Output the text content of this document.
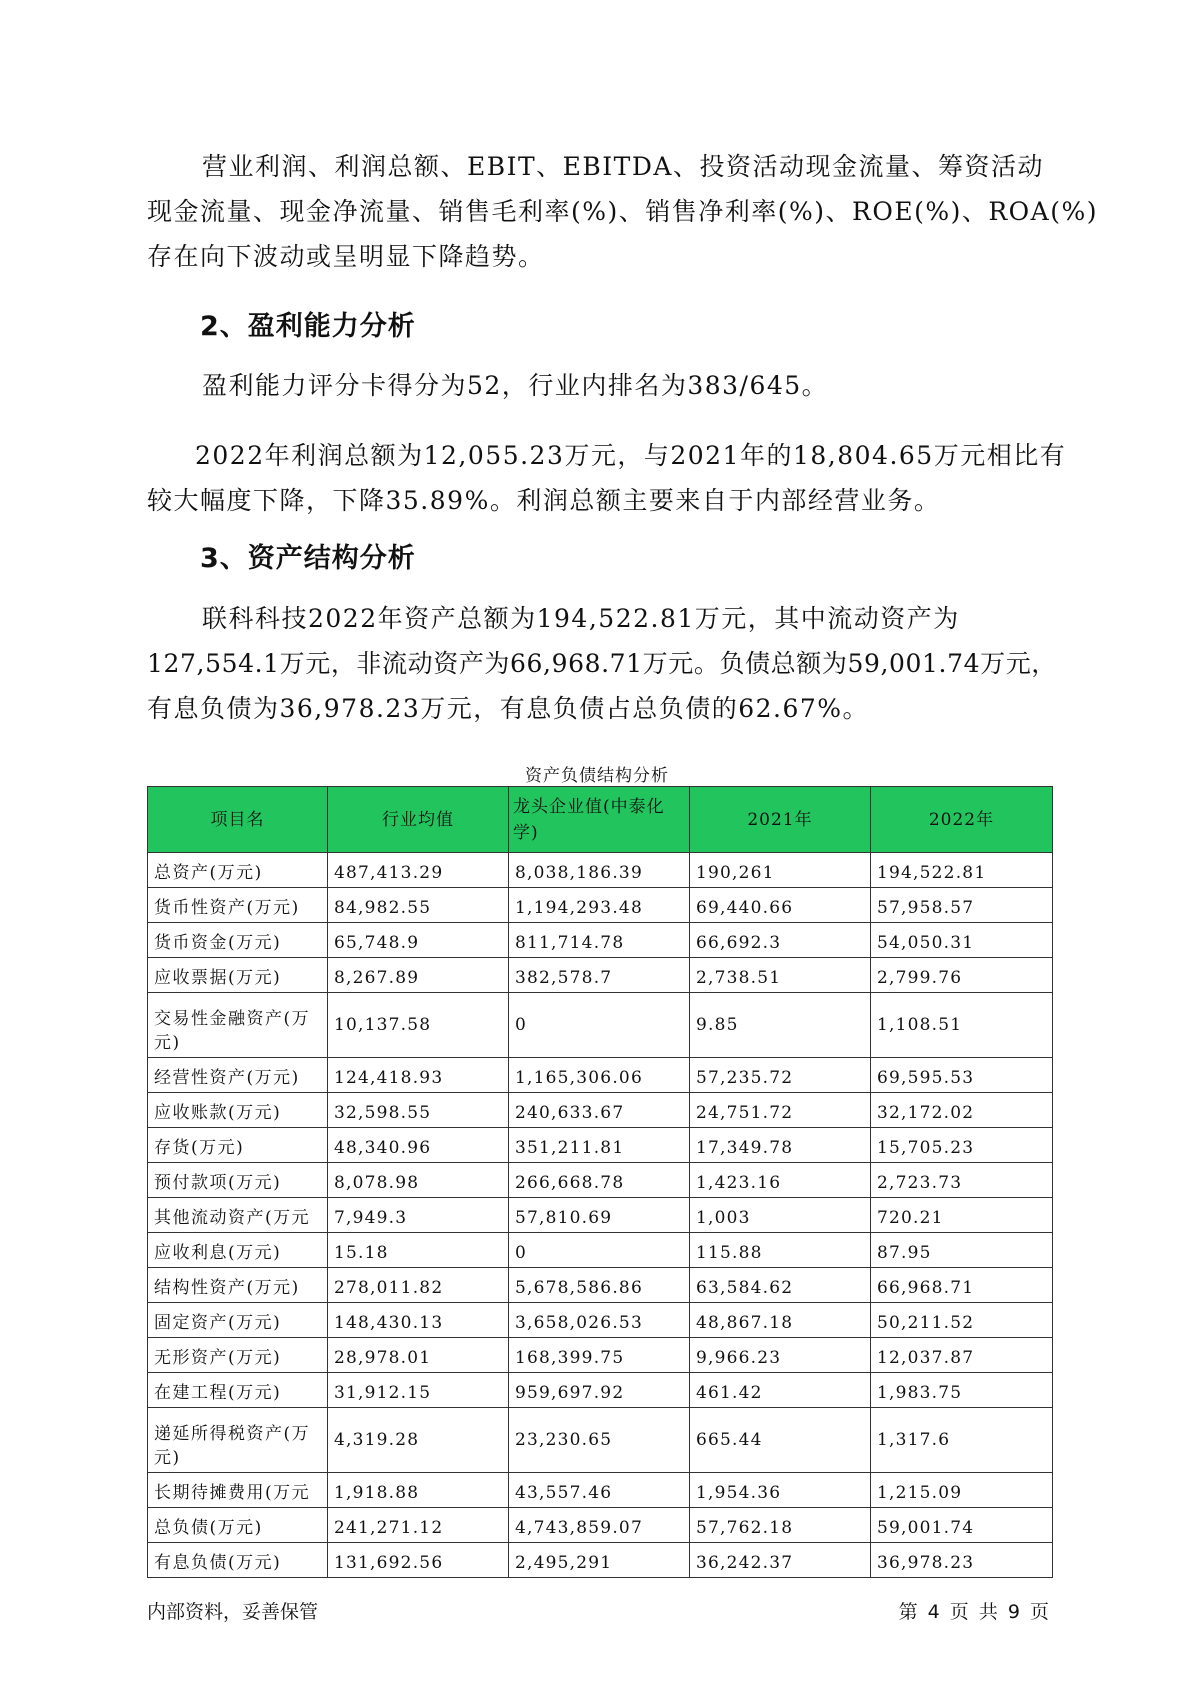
营业利润、利润总额、EBIT、EBITDA、投资活动现金流量、筹资活动
现金流量、现金净流量、销售毛利率(%)、销售净利率(%)、ROE(%)、ROA(%)
存在向下波动或呈明显下降趋势。
2、盈利能力分析
盈利能力评分卡得分为52，行业内排名为383/645。
2022年利润总额为12,055.23万元，与2021年的18,804.65万元相比有
较大幅度下降，下降35.89%。利润总额主要来自于内部经营业务。
3、资产结构分析
联科科技2022年资产总额为194,522.81万元，其中流动资产为
127,554.1万元，非流动资产为66,968.71万元。负债总额为59,001.74万元，
有息负债为36,978.23万元，有息负债占总负债的62.67%。
资产负债结构分析
项目名	行业均值	龙头企业值(中泰化学)	2021年	2022年
总资产(万元)	487,413.29	8,038,186.39	190,261	194,522.81
货币性资产(万元)	84,982.55	1,194,293.48	69,440.66	57,958.57
货币资金(万元)	65,748.9	811,714.78	66,692.3	54,050.31
应收票据(万元)	8,267.89	382,578.7	2,738.51	2,799.76
交易性金融资产(万元)	10,137.58	0	9.85	1,108.51
经营性资产(万元)	124,418.93	1,165,306.06	57,235.72	69,595.53
应收账款(万元)	32,598.55	240,633.67	24,751.72	32,172.02
存货(万元)	48,340.96	351,211.81	17,349.78	15,705.23
预付款项(万元)	8,078.98	266,668.78	1,423.16	2,723.73
其他流动资产(万元	7,949.3	57,810.69	1,003	720.21
应收利息(万元)	15.18	0	115.88	87.95
结构性资产(万元)	278,011.82	5,678,586.86	63,584.62	66,968.71
固定资产(万元)	148,430.13	3,658,026.53	48,867.18	50,211.52
无形资产(万元)	28,978.01	168,399.75	9,966.23	12,037.87
在建工程(万元)	31,912.15	959,697.92	461.42	1,983.75
递延所得税资产(万元)	4,319.28	23,230.65	665.44	1,317.6
长期待摊费用(万元	1,918.88	43,557.46	1,954.36	1,215.09
总负债(万元)	241,271.12	4,743,859.07	57,762.18	59,001.74
有息负债(万元)	131,692.56	2,495,291	36,242.37	36,978.23
内部资料，妥善保管	第 4 页 共 9 页
